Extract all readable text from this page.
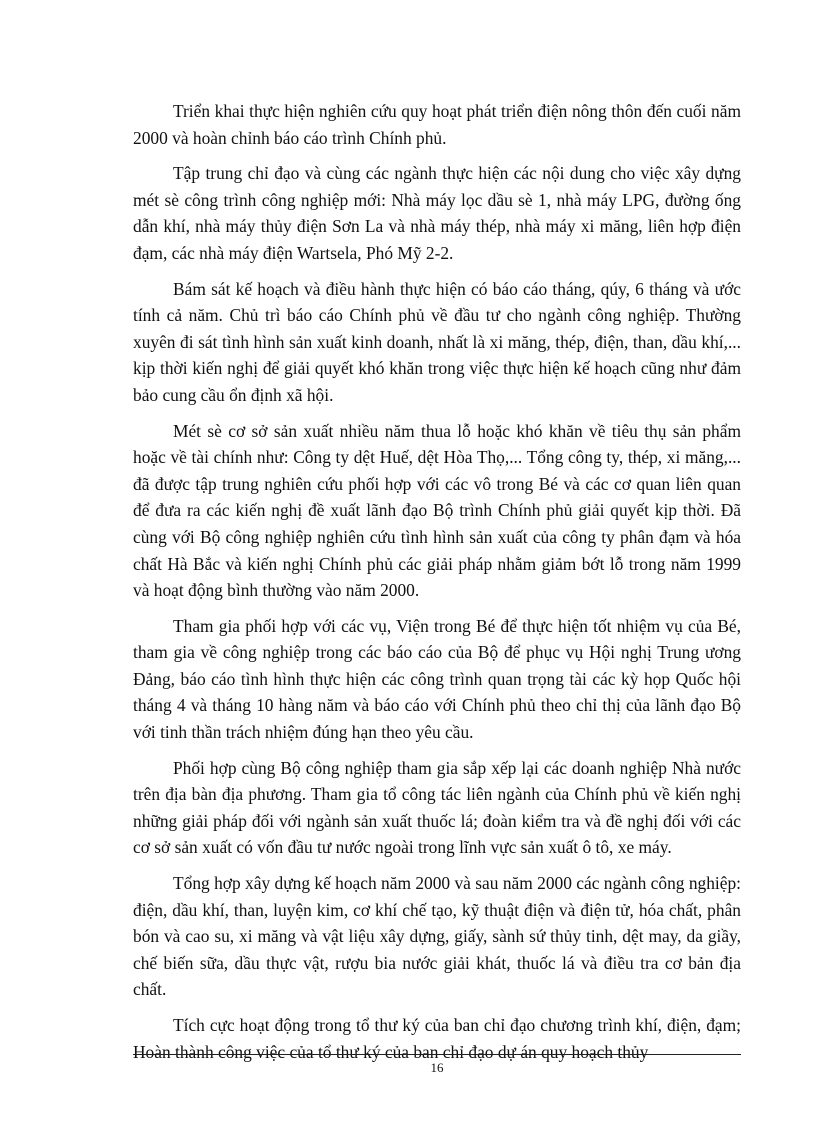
Triển khai thực hiện nghiên cứu quy hoạt phát triển điện nông thôn đến cuối năm 2000 và hoàn chỉnh báo cáo trình Chính phủ.

Tập trung chỉ đạo và cùng các ngành thực hiện các nội dung cho việc xây dựng mét sè công trình công nghiệp mới: Nhà máy lọc dầu sè 1, nhà máy LPG, đường ống dẫn khí, nhà máy thủy điện Sơn La và nhà máy thép, nhà máy xi măng, liên hợp điện đạm, các nhà máy điện Wartsela, Phó Mỹ 2-2.

Bám sát kế hoạch và điều hành thực hiện có báo cáo tháng, qúy, 6 tháng và ước tính cả năm. Chủ trì báo cáo Chính phủ về đầu tư cho ngành công nghiệp. Thường xuyên đi sát tình hình sản xuất kinh doanh, nhất là xi măng, thép, điện, than, dầu khí,... kịp thời kiến nghị để giải quyết khó khăn trong việc thực hiện kế hoạch cũng như đảm bảo cung cầu ổn định xã hội.

Mét sè cơ sở sản xuất nhiều năm thua lỗ hoặc khó khăn về tiêu thụ sản phẩm hoặc về tài chính như: Công ty dệt Huế, dệt Hòa Thọ,... Tổng công ty, thép, xi măng,... đã được tập trung nghiên cứu phối hợp với các vô trong Bé và các cơ quan liên quan để đưa ra các kiến nghị đề xuất lãnh đạo Bộ trình Chính phủ giải quyết kịp thời. Đã cùng với Bộ công nghiệp nghiên cứu tình hình sản xuất của công ty phân đạm và hóa chất Hà Bắc và kiến nghị Chính phủ các giải pháp nhằm giảm bớt lỗ trong năm 1999 và hoạt động bình thường vào năm 2000.

Tham gia phối hợp với các vụ, Viện trong Bé để thực hiện tốt nhiệm vụ của Bé, tham gia về công nghiệp trong các báo cáo của Bộ để phục vụ Hội nghị Trung ương Đảng, báo cáo tình hình thực hiện các công trình quan trọng tài các kỳ họp Quốc hội tháng 4 và tháng 10 hàng năm và báo cáo với Chính phủ theo chỉ thị của lãnh đạo Bộ với tinh thần trách nhiệm đúng hạn theo yêu cầu.

Phối hợp cùng Bộ công nghiệp tham gia sắp xếp lại các doanh nghiệp Nhà nước trên địa bàn địa phương. Tham gia tổ công tác liên ngành của Chính phủ về kiến nghị những giải pháp đối với ngành sản xuất thuốc lá; đoàn kiểm tra và đề nghị đối với các cơ sở sản xuất có vốn đầu tư nước ngoài trong lĩnh vực sản xuất ô tô, xe máy.

Tổng hợp xây dựng kế hoạch năm 2000 và sau năm 2000 các ngành công nghiệp: điện, dầu khí, than, luyện kim, cơ khí chế tạo, kỹ thuật điện và điện tử, hóa chất, phân bón và cao su, xi măng và vật liệu xây dựng, giấy, sành sứ thủy tinh, dệt may, da giầy, chế biến sữa, dầu thực vật, rượu bia nước giải khát, thuốc lá và điều tra cơ bản địa chất.

Tích cực hoạt động trong tổ thư ký của ban chỉ đạo chương trình khí, điện, đạm; Hoàn thành công việc của tổ thư ký của ban chỉ đạo dự án quy hoạch thủy

16
